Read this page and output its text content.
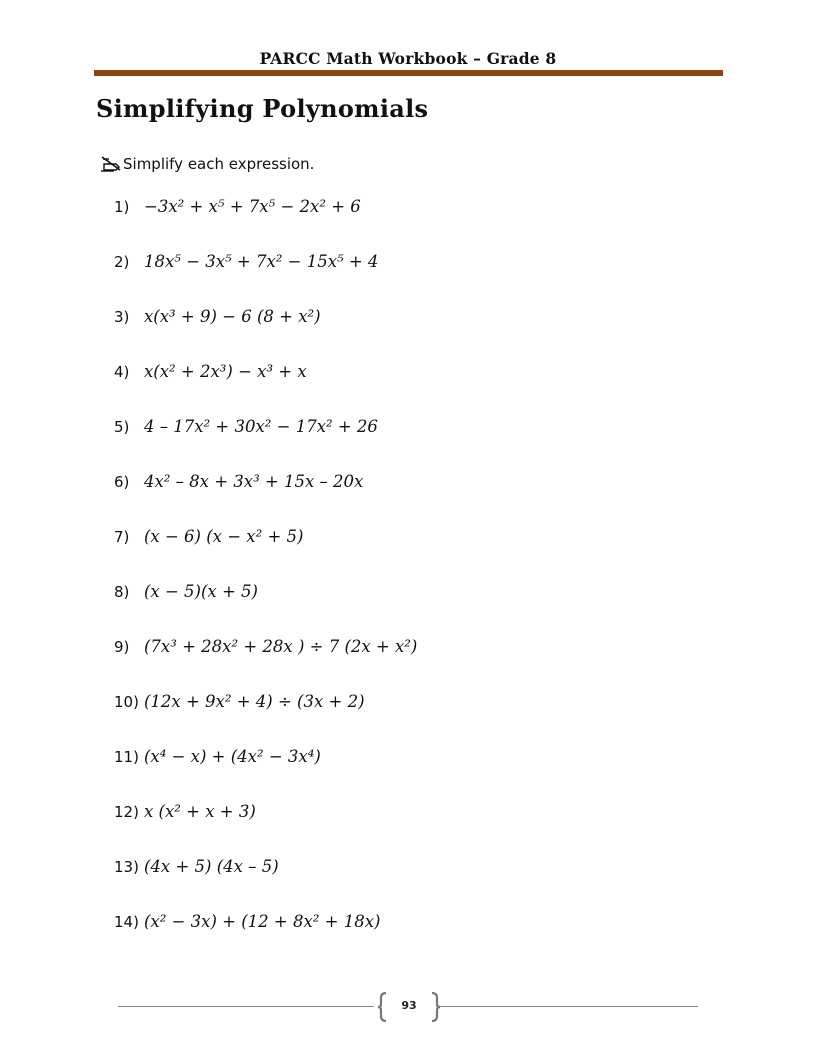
PARCC Math Workbook – Grade 8
Simplifying Polynomials
Simplify each expression.
1) −3x² + x⁵ + 7x⁵ − 2x² + 6
2) 18x⁵ − 3x⁵ + 7x² − 15x⁵ + 4
3) x(x³ + 9) − 6 (8 + x²)
4) x(x² + 2x³) − x³ + x
5) 4 – 17x² + 30x² − 17x² + 26
6) 4x² – 8x + 3x³ + 15x – 20x
7) (x − 6) (x − x² + 5)
8) (x − 5)(x + 5)
9) (7x³ + 28x² + 28x ) ÷ 7 (2x + x²)
10) (12x + 9x² + 4) ÷ (3x + 2)
11) (x⁴ − x) + (4x² − 3x⁴)
12) x (x² + x + 3)
13) (4x + 5) (4x – 5)
14) (x² − 3x) + (12 + 8x² + 18x)
93
